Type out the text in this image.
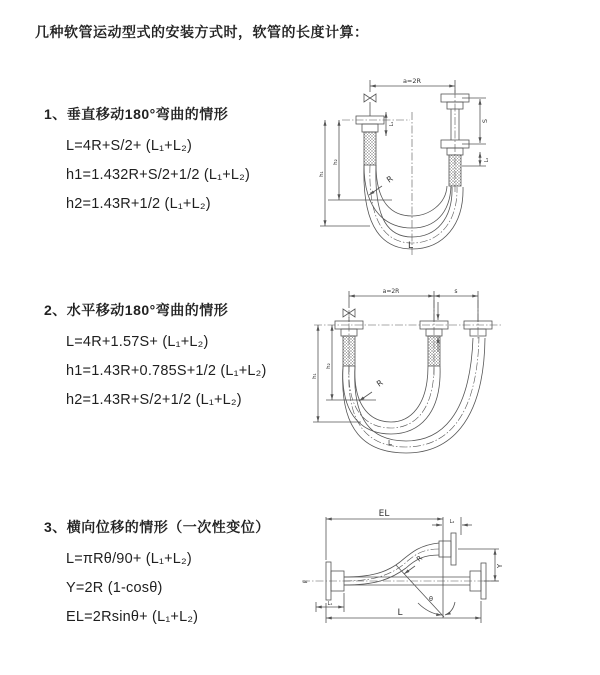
几种软管运动型式的安装方式时，软管的长度计算：
1、垂直移动180°弯曲的情形
L=4R+S/2+ (L₁+L₂)
h1=1.432R+S/2+1/2 (L₁+L₂)
h2=1.43R+1/2 (L₁+L₂)
2、水平移动180°弯曲的情形
L=4R+1.57S+ (L₁+L₂)
h1=1.43R+0.785S+1/2 (L₁+L₂)
h2=1.43R+S/2+1/2 (L₁+L₂)
3、横向位移的情形（一次性变位）
L=πRθ/90+ (L₁+L₂)
Y=2R (1-cosθ)
EL=2Rsinθ+ (L₁+L₂)
a=2R
S
L₂
L₁
h₁
h₂
R
L
a=2R	s
h₁
h₂
R
L
EL
L₂
Y
R
θ
L₁
L
≈
